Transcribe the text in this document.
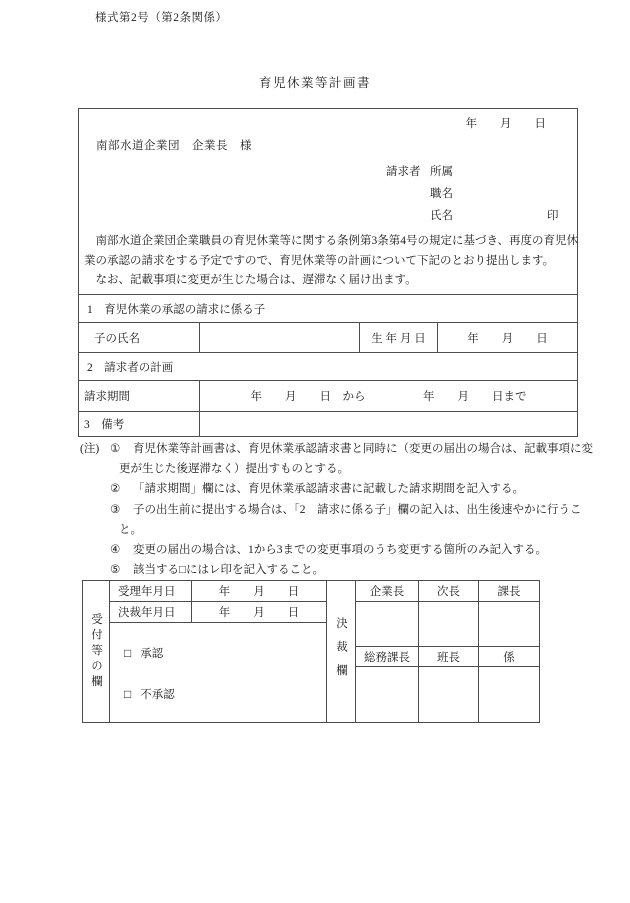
様式第2号（第2条関係）
育児休業等計画書
年　　月　　日
南部水道企業団　企業長　様
請求者 所属
職名
氏名	印
　南部水道企業団企業職員の育児休業等に関する条例第3条第4号の規定に基づき、再度の育児休
業の承認の請求をする予定ですので、育児休業等の計画について下記のとおり提出します。
　なお、記載事項に変更が生じた場合は、遅滞なく届け出ます。
1　育児休業の承認の請求に係る子
子の氏名	生 年 月 日	年　　月　　日
2　請求者の計画
請求期間	年　　月　　日　から　　　　　年　　月　　日まで
3　備考
(注) ①	育児休業等計画書は、育児休業承認請求書と同時に（変更の届出の場合は、記載事項に変
更が生じた後遅滞なく）提出すものとする。
②	「請求期間」欄には、育児休業承認請求書に記載した請求期間を記入する。
③	子の出生前に提出する場合は、「2　請求に係る子」欄の記入は、出生後速やかに行うこ
と。
④	変更の届出の場合は、1から3までの変更事項のうち変更する箇所のみ記入する。
⑤	該当する□にはレ印を記入すること。
受付等の欄
受理年月日	年　　月　　日
決裁年月日	年　　月　　日
□ 承認
□ 不承認
決裁欄
企業長	次長	課長
総務課長	班長	係
